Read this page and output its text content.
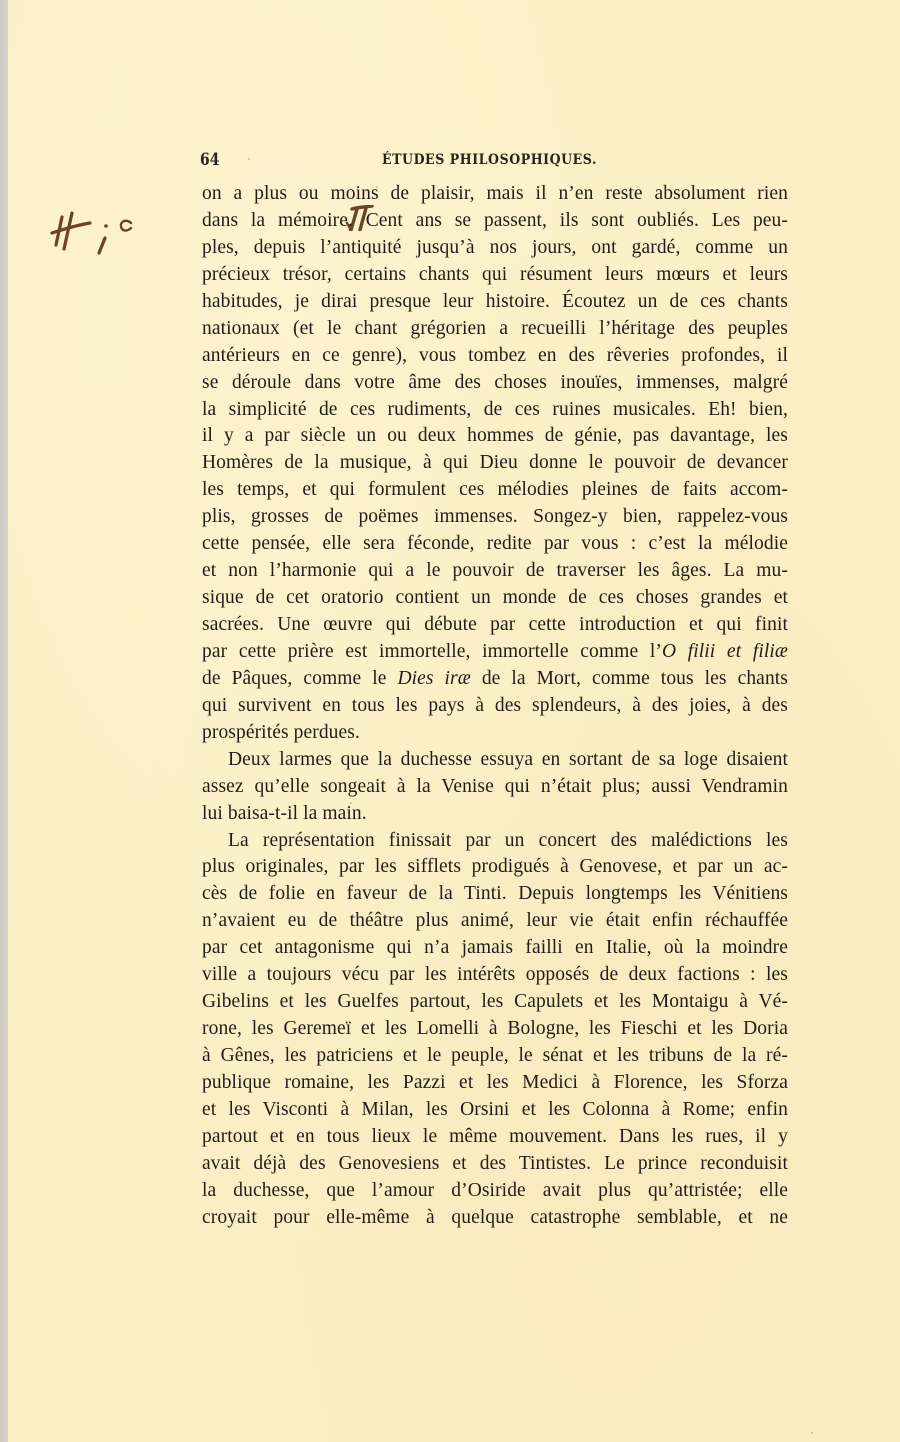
64	ÉTUDES PHILOSOPHIQUES.
on a plus ou moins de plaisir, mais il n’en reste absolument rien
dans la mémoire. Cent ans se passent, ils sont oubliés. Les peu-
ples, depuis l’antiquité jusqu’à nos jours, ont gardé, comme un
précieux trésor, certains chants qui résument leurs mœurs et leurs
habitudes, je dirai presque leur histoire. Écoutez un de ces chants
nationaux (et le chant grégorien a recueilli l’héritage des peuples
antérieurs en ce genre), vous tombez en des rêveries profondes, il
se déroule dans votre âme des choses inouïes, immenses, malgré
la simplicité de ces rudiments, de ces ruines musicales. Eh! bien,
il y a par siècle un ou deux hommes de génie, pas davantage, les
Homères de la musique, à qui Dieu donne le pouvoir de devancer
les temps, et qui formulent ces mélodies pleines de faits accom-
plis, grosses de poëmes immenses. Songez-y bien, rappelez-vous
cette pensée, elle sera féconde, redite par vous : c’est la mélodie
et non l’harmonie qui a le pouvoir de traverser les âges. La mu-
sique de cet oratorio contient un monde de ces choses grandes et
sacrées. Une œuvre qui débute par cette introduction et qui finit
par cette prière est immortelle, immortelle comme l’O filii et filiæ
de Pâques, comme le Dies iræ de la Mort, comme tous les chants
qui survivent en tous les pays à des splendeurs, à des joies, à des
prospérités perdues.
Deux larmes que la duchesse essuya en sortant de sa loge disaient
assez qu’elle songeait à la Venise qui n’était plus; aussi Vendramin
lui baisa-t-il la main.
La représentation finissait par un concert des malédictions les
plus originales, par les sifflets prodigués à Genovese, et par un ac-
cès de folie en faveur de la Tinti. Depuis longtemps les Vénitiens
n’avaient eu de théâtre plus animé, leur vie était enfin réchauffée
par cet antagonisme qui n’a jamais failli en Italie, où la moindre
ville a toujours vécu par les intérêts opposés de deux factions : les
Gibelins et les Guelfes partout, les Capulets et les Montaigu à Vé-
rone, les Geremeï et les Lomelli à Bologne, les Fieschi et les Doria
à Gênes, les patriciens et le peuple, le sénat et les tribuns de la ré-
publique romaine, les Pazzi et les Medici à Florence, les Sforza
et les Visconti à Milan, les Orsini et les Colonna à Rome; enfin
partout et en tous lieux le même mouvement. Dans les rues, il y
avait déjà des Genovesiens et des Tintistes. Le prince reconduisit
la duchesse, que l’amour d’Osiride avait plus qu’attristée; elle
croyait pour elle-même à quelque catastrophe semblable, et ne
